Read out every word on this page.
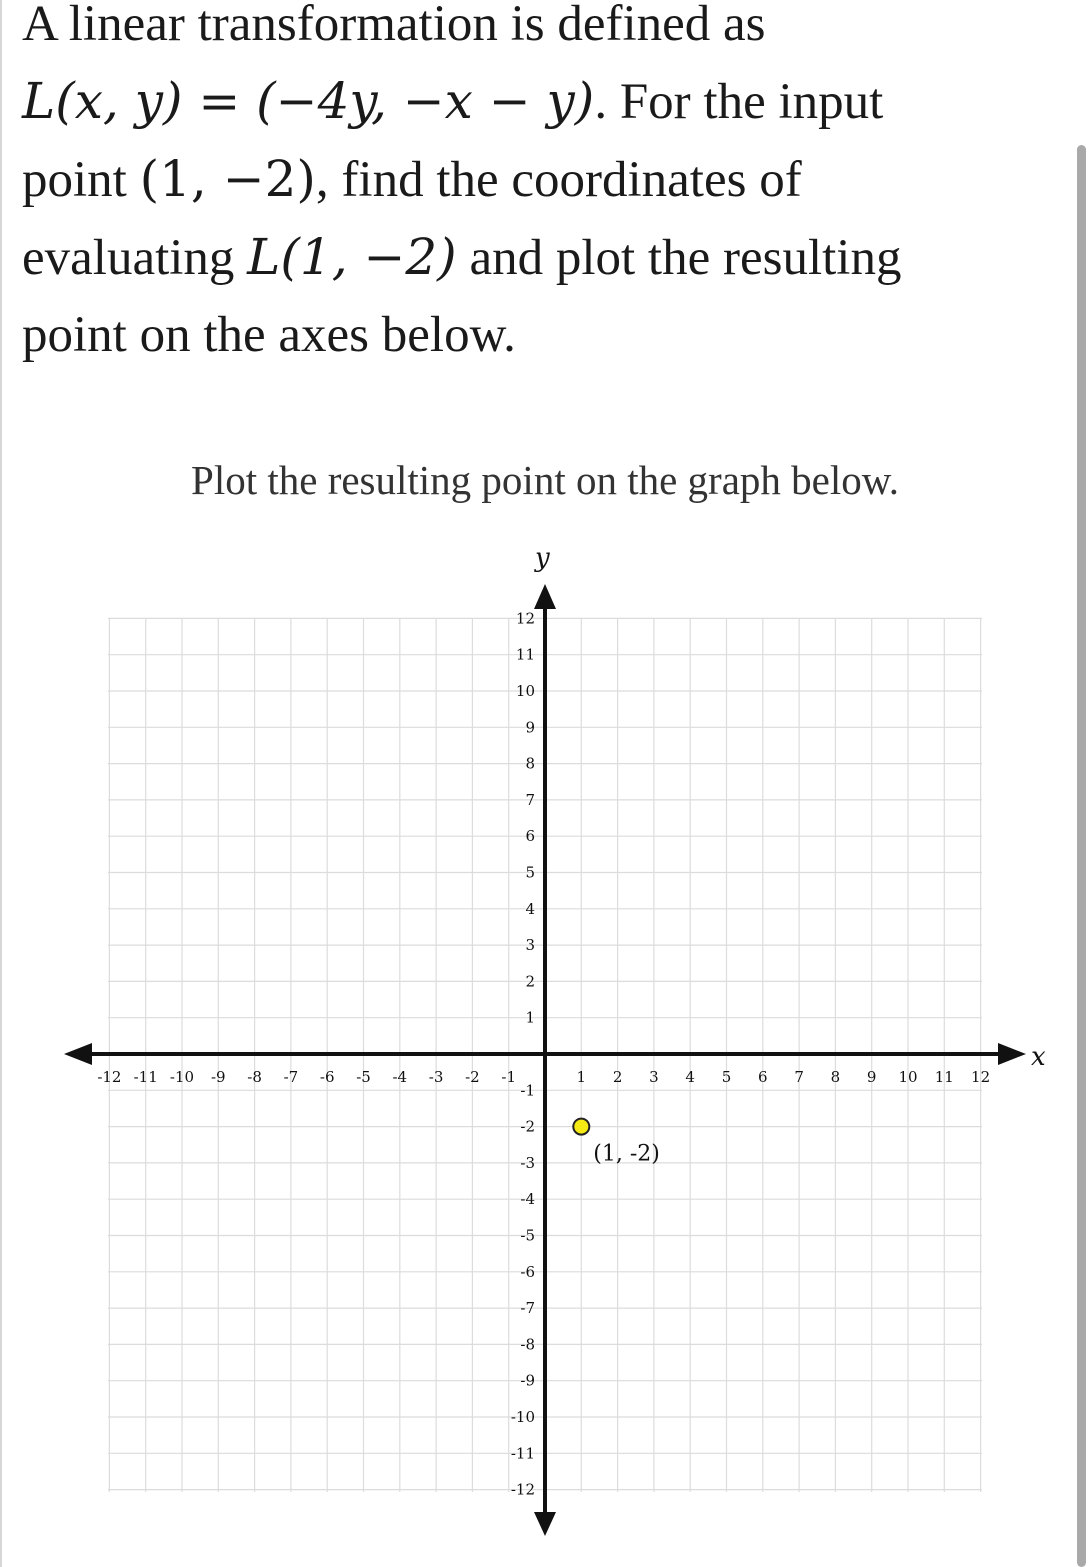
A linear transformation is defined as
L(x, y) = (−4y, −x − y). For the input
point (1, −2), find the coordinates of
evaluating L(1, −2) and plot the resulting
point on the axes below.
Plot the resulting point on the graph below.
x
y
-12 -11 -10 -9 -8 -7 -6 -5 -4 -3 -2 -1	1 2 3 4 5 6 7 8 9 10 11 12
12
11
10
9
8
7
6
5
4
3
2
1
-1
-2
-3
-4
-5
-6
-7
-8
-9
-10
-11
-12
(1, -2)
